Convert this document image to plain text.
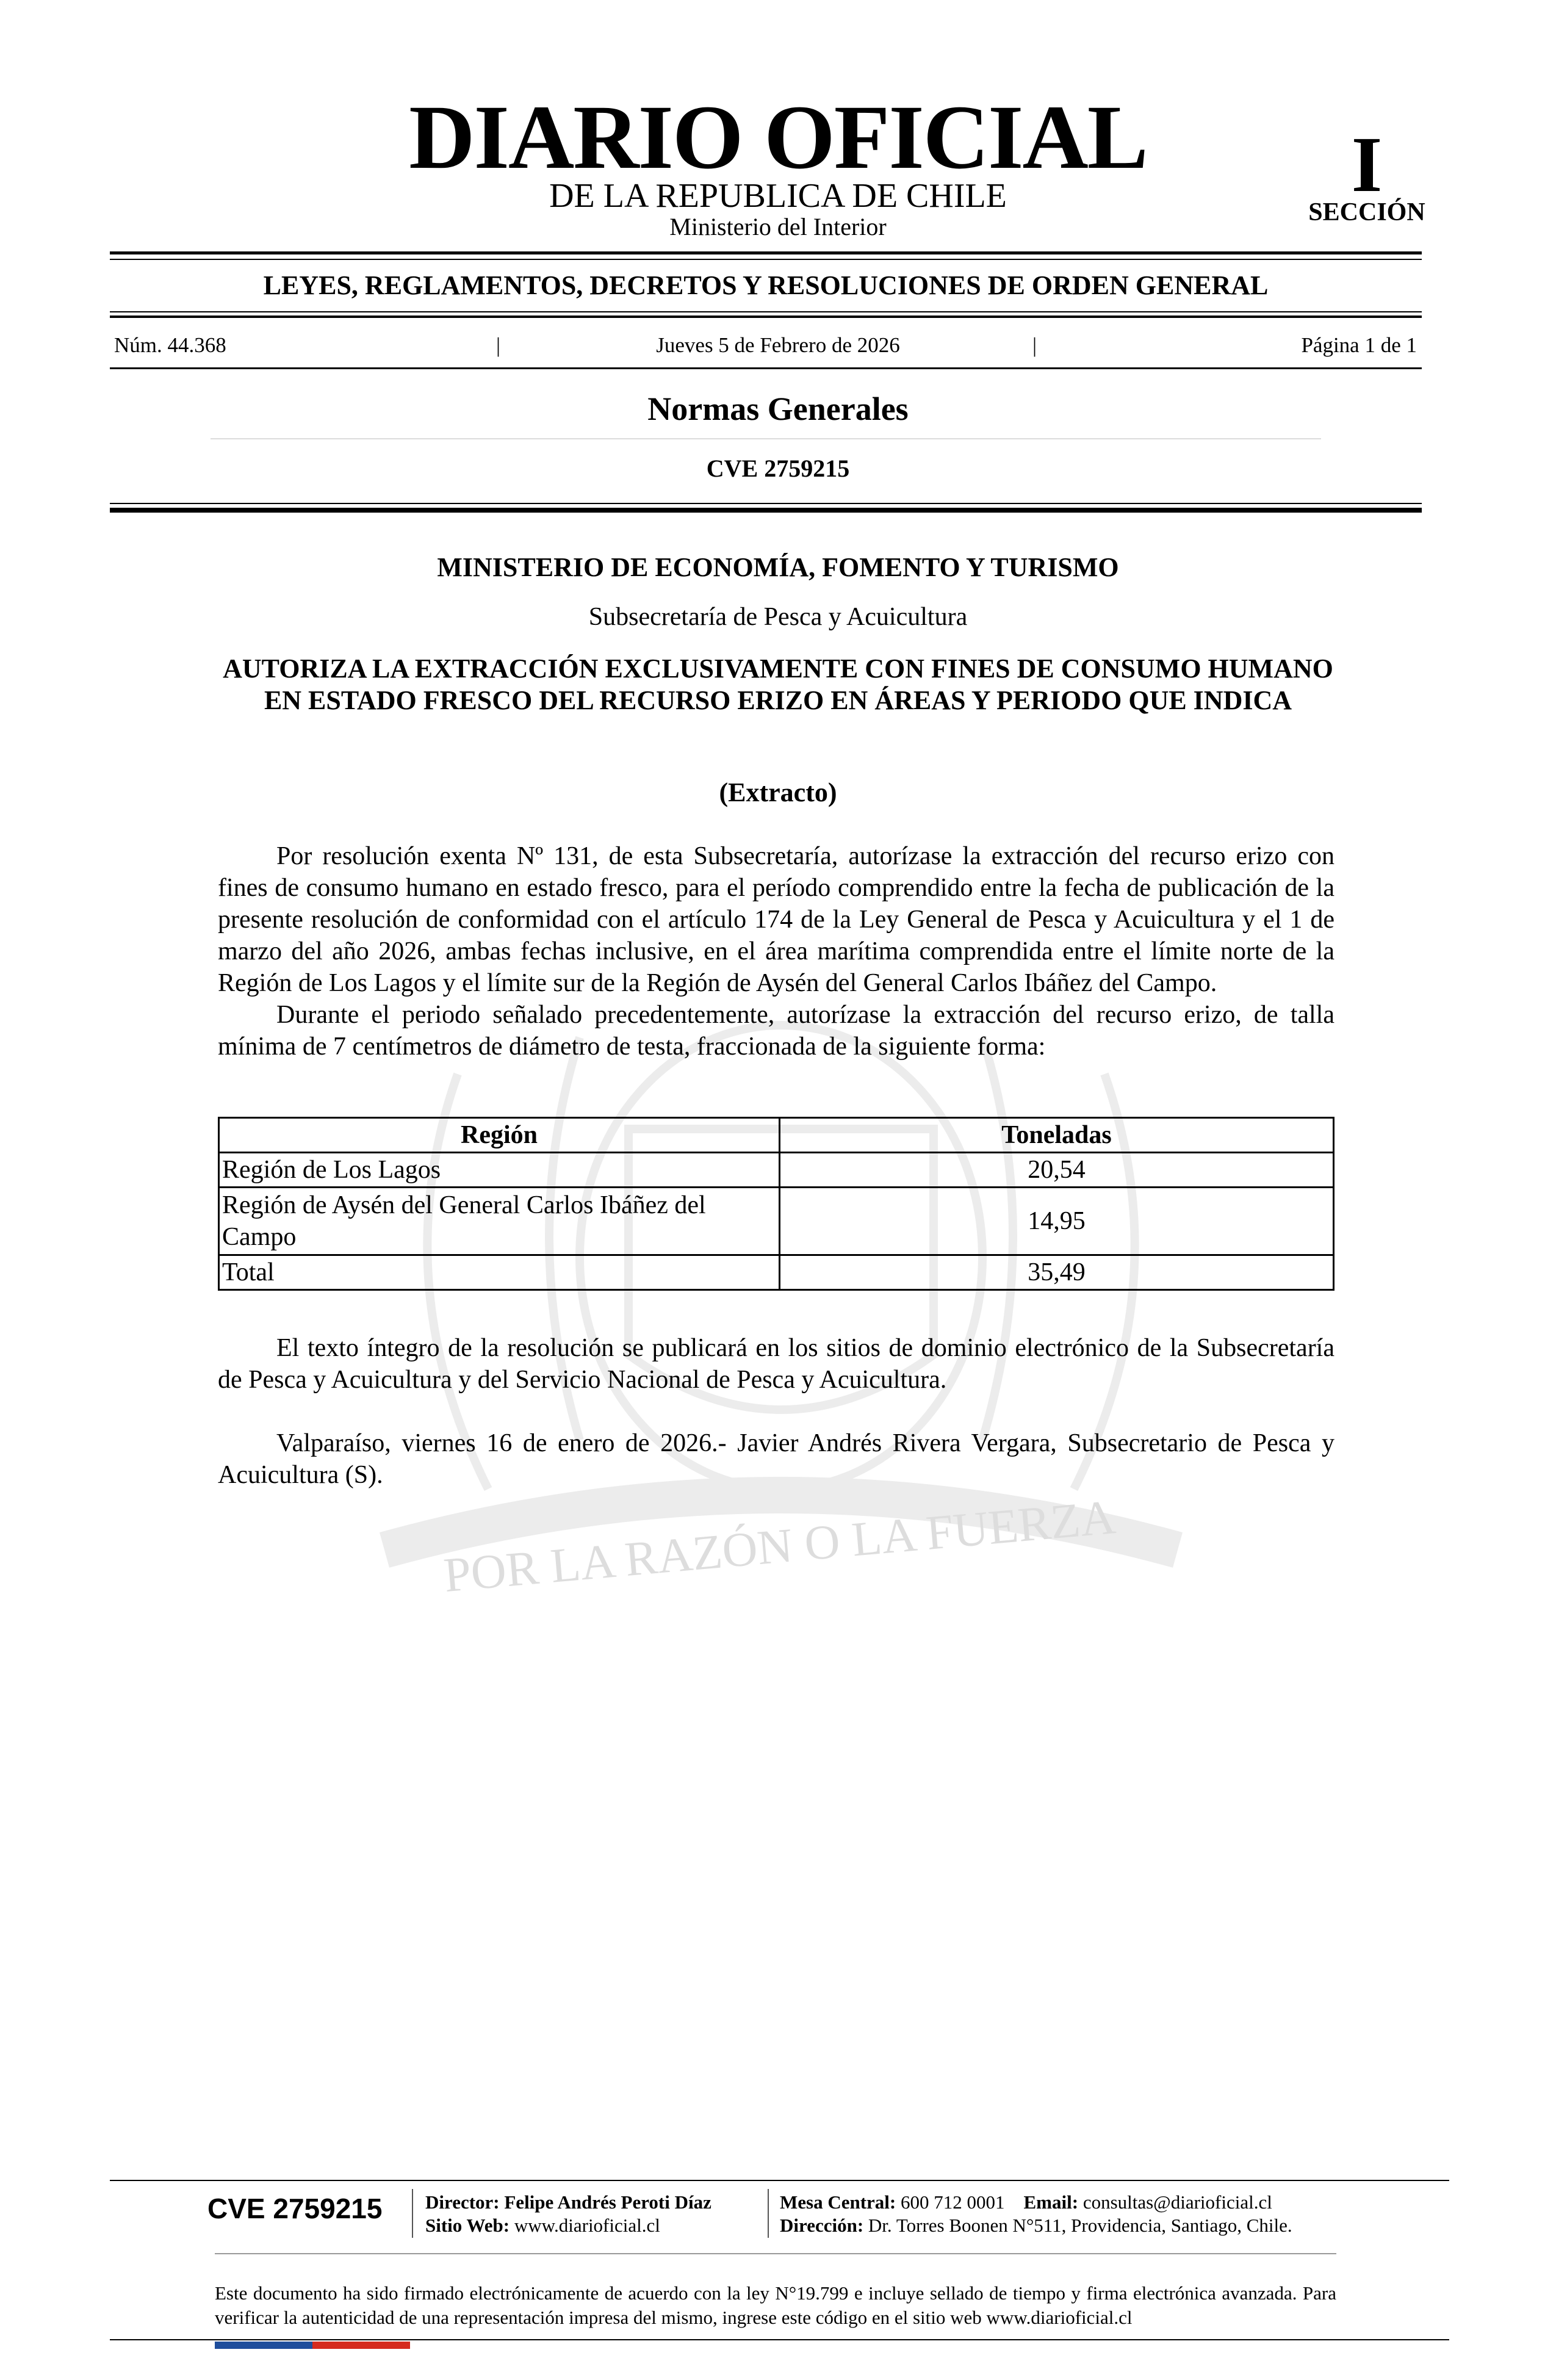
POR LA RAZÓN O LA FUERZA
DIARIO OFICIAL
DE LA REPUBLICA DE CHILE
Ministerio del Interior
I
SECCIÓN
LEYES, REGLAMENTOS, DECRETOS Y RESOLUCIONES DE ORDEN GENERAL
Núm. 44.368	|	Jueves 5 de Febrero de 2026	|	Página 1 de 1
Normas Generales
CVE 2759215
MINISTERIO DE ECONOMÍA, FOMENTO Y TURISMO
Subsecretaría de Pesca y Acuicultura
AUTORIZA LA EXTRACCIÓN EXCLUSIVAMENTE CON FINES DE CONSUMO HUMANO EN ESTADO FRESCO DEL RECURSO ERIZO EN ÁREAS Y PERIODO QUE INDICA
(Extracto)

Por resolución exenta Nº 131, de esta Subsecretaría, autorízase la extracción del recurso erizo con fines de consumo humano en estado fresco, para el período comprendido entre la fecha de publicación de la presente resolución de conformidad con el artículo 174 de la Ley General de Pesca y Acuicultura y el 1 de marzo del año 2026, ambas fechas inclusive, en el área marítima comprendida entre el límite norte de la Región de Los Lagos y el límite sur de la Región de Aysén del General Carlos Ibáñez del Campo.

Durante el periodo señalado precedentemente, autorízase la extracción del recurso erizo, de talla mínima de 7 centímetros de diámetro de testa, fraccionada de la siguiente forma:

Región	Toneladas
Región de Los Lagos	20,54
Región de Aysén del General Carlos Ibáñez del Campo	14,95
Total	35,49

El texto íntegro de la resolución se publicará en los sitios de dominio electrónico de la Subsecretaría de Pesca y Acuicultura y del Servicio Nacional de Pesca y Acuicultura.

Valparaíso, viernes 16 de enero de 2026.- Javier Andrés Rivera Vergara, Subsecretario de Pesca y Acuicultura (S).

CVE 2759215	Director: Felipe Andrés Peroti Díaz
Sitio Web: www.diarioficial.cl
Mesa Central: 600 712 0001 Email: consultas@diarioficial.cl
Dirección: Dr. Torres Boonen N°511, Providencia, Santiago, Chile.
Este documento ha sido firmado electrónicamente de acuerdo con la ley N°19.799 e incluye sellado de tiempo y firma electrónica avanzada. Para verificar la autenticidad de una representación impresa del mismo, ingrese este código en el sitio web www.diarioficial.cl
